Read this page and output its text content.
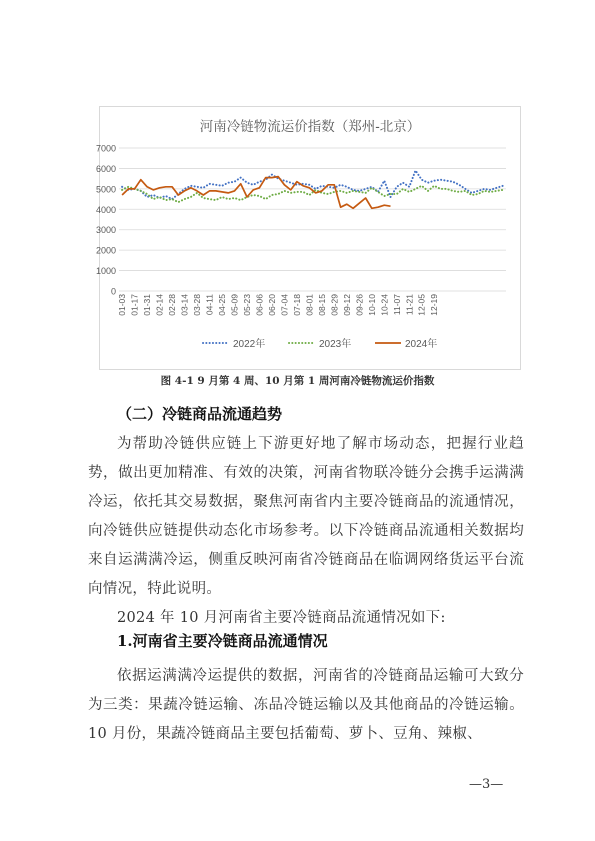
河南冷链物流运价指数（郑州-北京）
0
1000
2000
3000
4000
5000
6000
7000
01-03 01-17 01-31 02-14 02-28 03-14 03-28 04-11 04-25 05-09 05-23 06-06 06-20 07-04 07-18 08-01 08-15 08-29 09-12 09-26 10-10 10-24 11-07 11-21 12-05 12-19
2022年	2023年	2024年
图 4-1 9 月第 4 周、10 月第 1 周河南冷链物流运价指数
（二）冷链商品流通趋势

为帮助冷链供应链上下游更好地了解市场动态，把握行业趋势，做出更加精准、有效的决策，河南省物联冷链分会携手运满满冷运，依托其交易数据，聚焦河南省内主要冷链商品的流通情况，向冷链供应链提供动态化市场参考。以下冷链商品流通相关数据均来自运满满冷运，侧重反映河南省冷链商品在临调网络货运平台流向情况，特此说明。

2024 年 10 月河南省主要冷链商品流通情况如下:

1.河南省主要冷链商品流通情况

依据运满满冷运提供的数据，河南省的冷链商品运输可大致分为三类：果蔬冷链运输、冻品冷链运输以及其他商品的冷链运输。10 月份，果蔬冷链商品主要包括葡萄、萝卜、豆角、辣椒、

—3—
